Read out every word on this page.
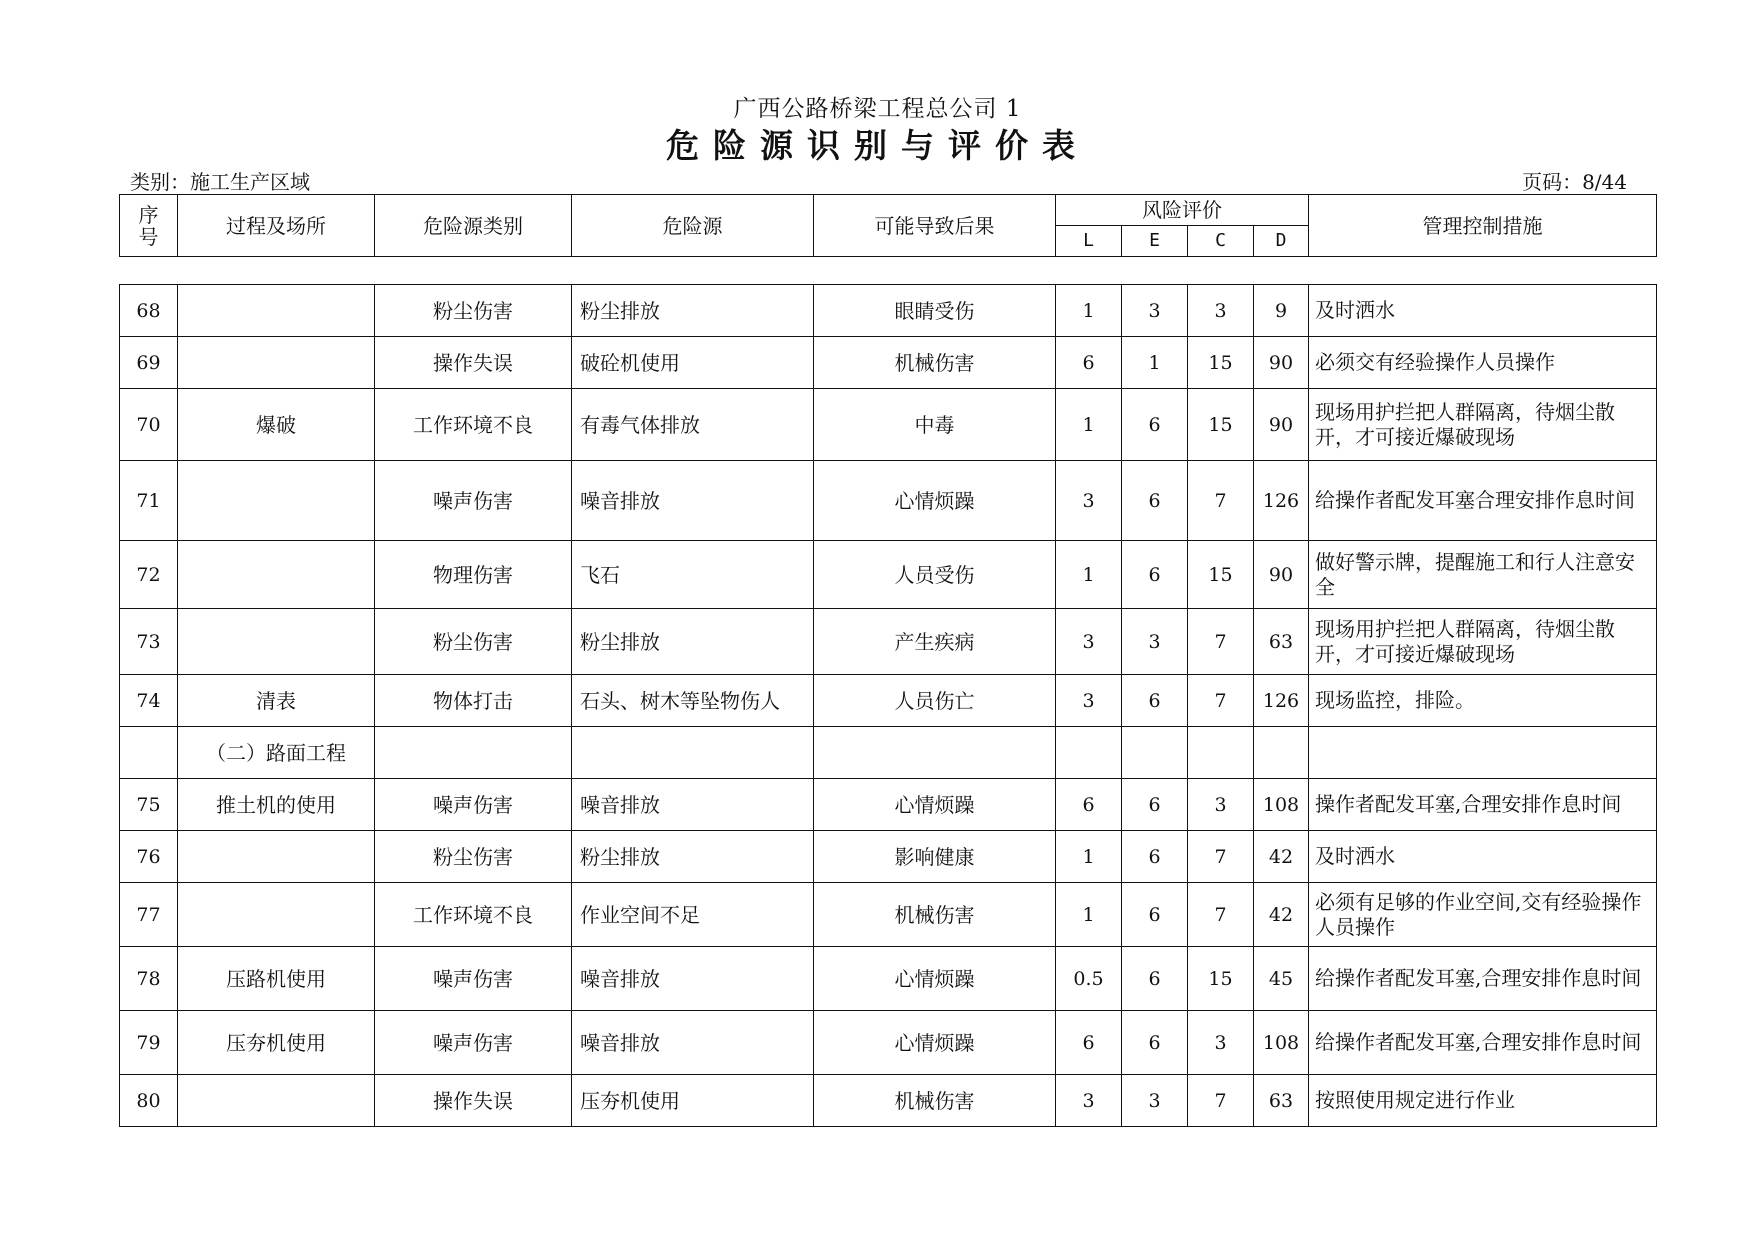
广西公路桥梁工程总公司 1
危险源识别与评价表
类别：施工生产区域	页码：8/44
序号	过程及场所	危险源类别	危险源	可能导致后果	风险评价				管理控制措施
					L	E	C	D	
68		粉尘伤害	粉尘排放	眼睛受伤	1	3	3	9	及时洒水
69		操作失误	破砼机使用	机械伤害	6	1	15	90	必须交有经验操作人员操作
70	爆破	工作环境不良	有毒气体排放	中毒	1	6	15	90	现场用护拦把人群隔离，待烟尘散开，才可接近爆破现场
71		噪声伤害	噪音排放	心情烦躁	3	6	7	126	给操作者配发耳塞合理安排作息时间
72		物理伤害	飞石	人员受伤	1	6	15	90	做好警示牌，提醒施工和行人注意安全
73		粉尘伤害	粉尘排放	产生疾病	3	3	7	63	现场用护拦把人群隔离，待烟尘散开，才可接近爆破现场
74	清表	物体打击	石头、树木等坠物伤人	人员伤亡	3	6	7	126	现场监控，排险。
	（二）路面工程								
75	推土机的使用	噪声伤害	噪音排放	心情烦躁	6	6	3	108	操作者配发耳塞,合理安排作息时间
76		粉尘伤害	粉尘排放	影响健康	1	6	7	42	及时洒水
77		工作环境不良	作业空间不足	机械伤害	1	6	7	42	必须有足够的作业空间,交有经验操作人员操作
78	压路机使用	噪声伤害	噪音排放	心情烦躁	0.5	6	15	45	给操作者配发耳塞,合理安排作息时间
79	压夯机使用	噪声伤害	噪音排放	心情烦躁	6	6	3	108	给操作者配发耳塞,合理安排作息时间
80		操作失误	压夯机使用	机械伤害	3	3	7	63	按照使用规定进行作业
